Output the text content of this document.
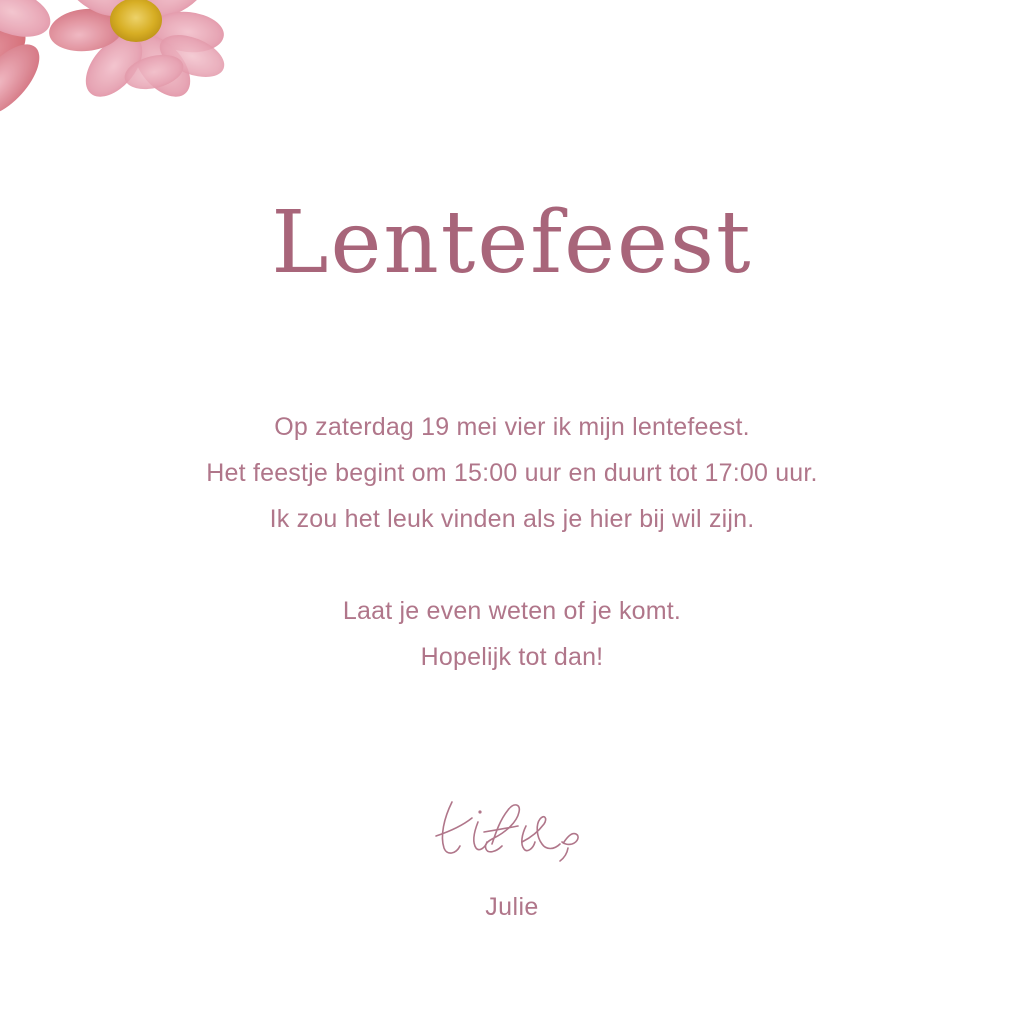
Lentefeest
Op zaterdag 19 mei vier ik mijn lentefeest.
Het feestje begint om 15:00 uur en duurt tot 17:00 uur.
Ik zou het leuk vinden als je hier bij wil zijn.
Laat je even weten of je komt.
Hopelijk tot dan!
Julie
